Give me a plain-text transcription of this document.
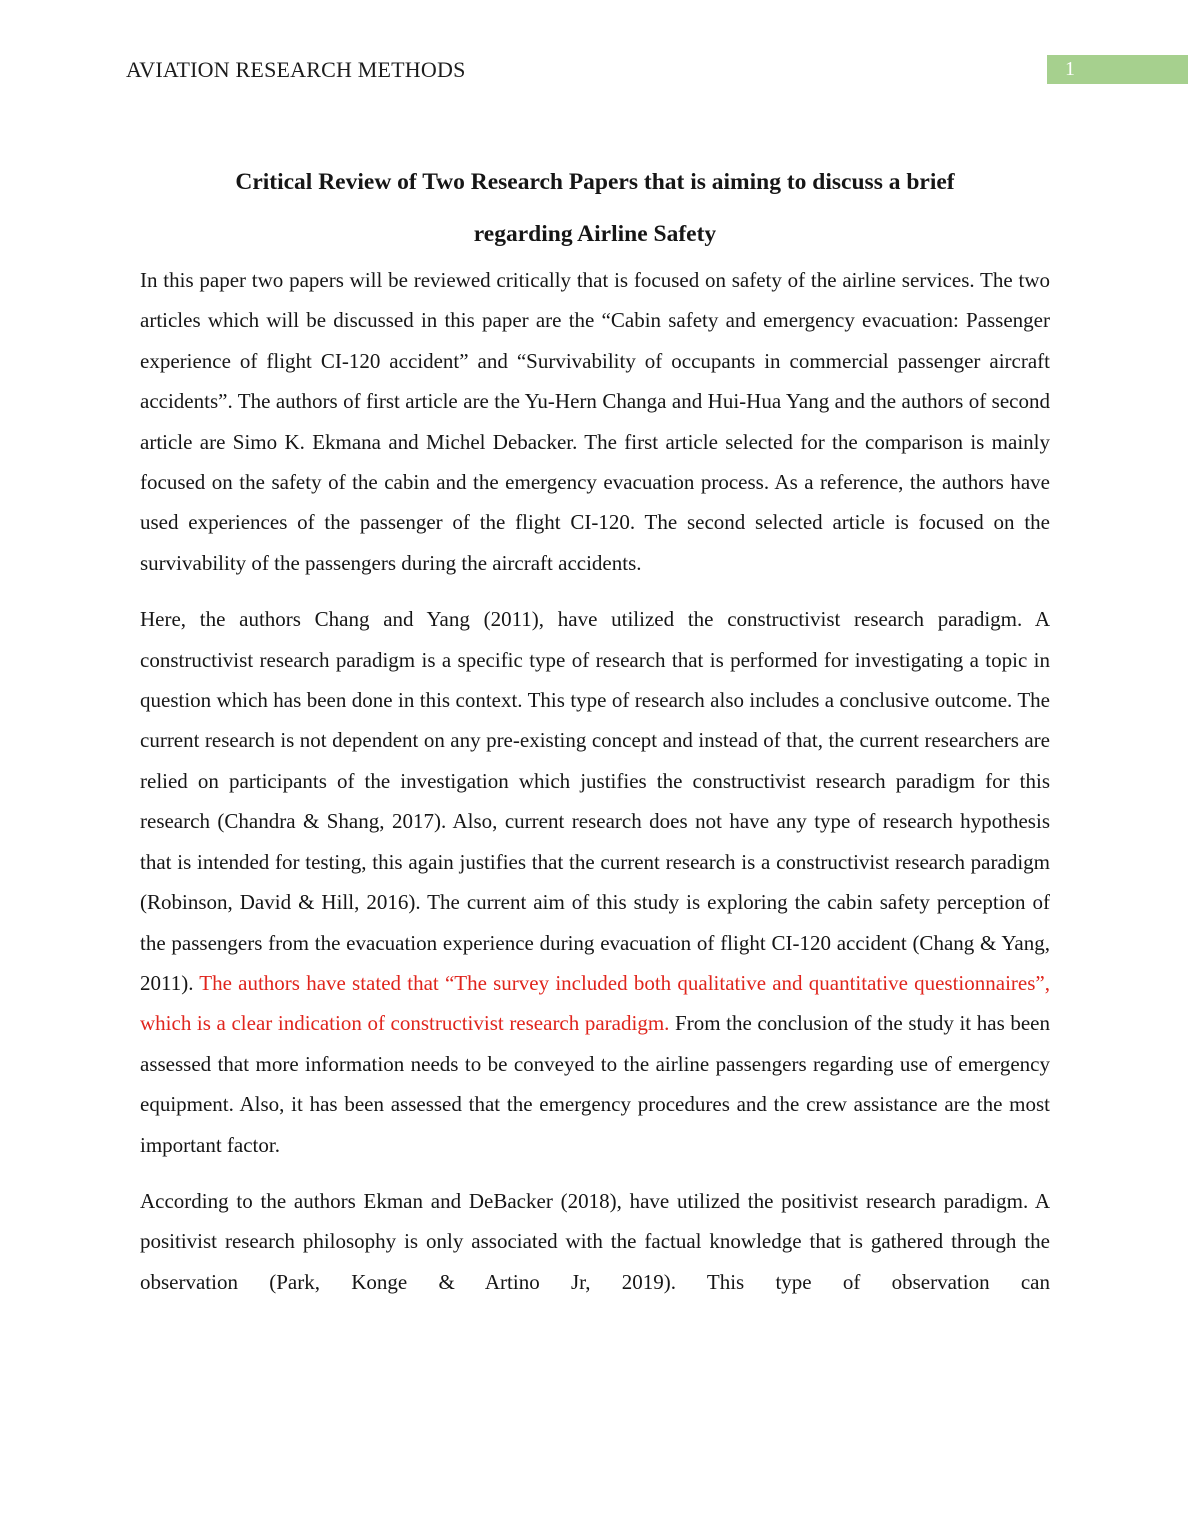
AVIATION RESEARCH METHODS	1
Critical Review of Two Research Papers that is aiming to discuss a brief
regarding Airline Safety

In this paper two papers will be reviewed critically that is focused on safety of the airline services. The two articles which will be discussed in this paper are the “Cabin safety and emergency evacuation: Passenger experience of flight CI-120 accident” and “Survivability of occupants in commercial passenger aircraft accidents”. The authors of first article are the Yu-Hern Changa and Hui-Hua Yang and the authors of second article are Simo K. Ekmana and Michel Debacker. The first article selected for the comparison is mainly focused on the safety of the cabin and the emergency evacuation process. As a reference, the authors have used experiences of the passenger of the flight CI-120. The second selected article is focused on the survivability of the passengers during the aircraft accidents.

Here, the authors Chang and Yang (2011), have utilized the constructivist research paradigm. A constructivist research paradigm is a specific type of research that is performed for investigating a topic in question which has been done in this context. This type of research also includes a conclusive outcome. The current research is not dependent on any pre-existing concept and instead of that, the current researchers are relied on participants of the investigation which justifies the constructivist research paradigm for this research (Chandra & Shang, 2017). Also, current research does not have any type of research hypothesis that is intended for testing, this again justifies that the current research is a constructivist research paradigm (Robinson, David & Hill, 2016). The current aim of this study is exploring the cabin safety perception of the passengers from the evacuation experience during evacuation of flight CI-120 accident (Chang & Yang, 2011). The authors have stated that “The survey included both qualitative and quantitative questionnaires”, which is a clear indication of constructivist research paradigm. From the conclusion of the study it has been assessed that more information needs to be conveyed to the airline passengers regarding use of emergency equipment. Also, it has been assessed that the emergency procedures and the crew assistance are the most important factor.

According to the authors Ekman and DeBacker (2018), have utilized the positivist research paradigm. A positivist research philosophy is only associated with the factual knowledge that is gathered through the observation (Park, Konge & Artino Jr, 2019). This type of observation can
